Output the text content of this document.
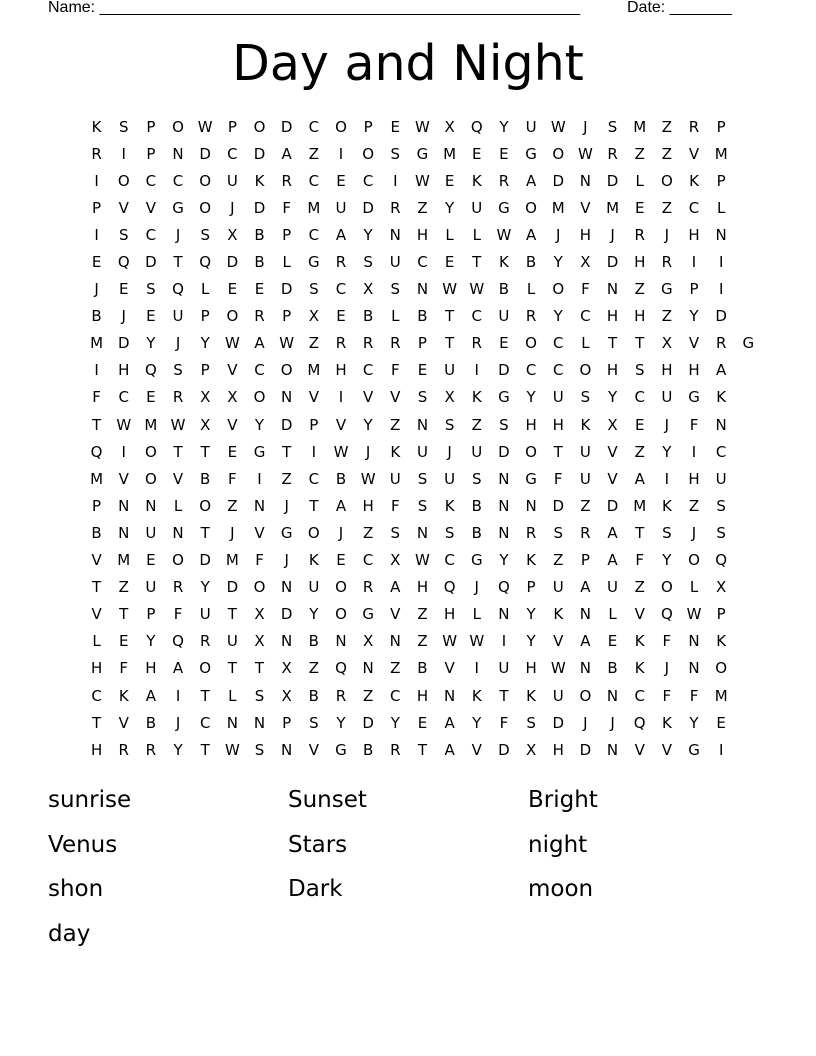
Name: ______________________________________________________	Date: _______
Day and Night
K	S	P	O W	P	O	D	C	O	P	E	W X	Q	Y	U W	J	S	M	Z	R	P
R	I	P	N	D	C	D	A	Z	I	O	S	G M	E	E	G	O W R	Z	Z	V	M
I	O	C	C	O	U	K	R	C	E	C	I	W E	K	R	A	D	N	D	L	O	K	P
P	V	V	G	O	J	D	F	M	U	D	R	Z	Y	U	G	O M	V	M	E	Z	C	L
I	S	C	J	S	X	B	P	C	A	Y	N	H	L	L	W A	J	H	J	R	J	H	N
E	Q	D	T	Q	D	B	L	G	R	S	U	C	E	T	K	B	Y	X	D	H	R	I	I
J	E	S	Q	L	E	E	D	S	C	X	S	N W W B	L	O	F	N	Z	G	P	I
B	J	E	U	P	O	R	P	X	E	B	L	B	T	C	U	R	Y	C	H	H	Z	Y	D
M D	Y	J	Y	W A W Z	R	R	R	P	T	R	E	O	C	L	T	T	X	V	R	G
I	H	Q	S	P	V	C	O M	H	C	F	E	U	I	D	C	C	O	H	S	H	H	A
F	C	E	R	X	X	O	N	V	I	V	V	S	X	K	G	Y	U	S	Y	C	U	G	K
T	W M W X	V	Y	D	P	V	Y	Z	N	S	Z	S	H	H	K	X	E	J	F	N
Q	I	O	T	T	E	G	T	I	W	J	K	U	J	U	D	O	T	U	V	Z	Y	I	C
M	V	O	V	B	F	I	Z	C	B W U	S	U	S	N	G	F	U	V	A	I	H	U
P	N	N	L	O	Z	N	J	T	A	H	F	S	K	B	N	N	D	Z	D M	K	Z	S
B	N	U	N	T	J	V	G	O	J	Z	S	N	S	B	N	R	S	R	A	T	S	J	S
V	M	E	O	D M	F	J	K	E	C	X W C	G	Y	K	Z	P	A	F	Y	O	Q
T	Z	U	R	Y	D	O	N	U	O	R	A	H	Q	J	Q	P	U	A	U	Z	O	L	X
V	T	P	F	U	T	X	D	Y	O	G	V	Z	H	L	N	Y	K	N	L	V	Q W	P
L	E	Y	Q	R	U	X	N	B	N	X	N	Z W W	I	Y	V	A	E	K	F	N	K
H	F	H	A	O	T	T	X	Z	Q	N	Z	B	V	I	U	H W N	B	K	J	N	O
C	K	A	I	T	L	S	X	B	R	Z	C	H	N	K	T	K	U	O	N	C	F	F	M
T	V	B	J	C	N	N	P	S	Y	D	Y	E	A	Y	F	S	D	J	J	Q	K	Y	E
H	R	R	Y	T	W S	N	V	G	B	R	T	A	V	D	X	H	D	N	V	V	G	I
sunrise	Sunset	Bright
Venus	Stars	night
shon	Dark	moon
day
